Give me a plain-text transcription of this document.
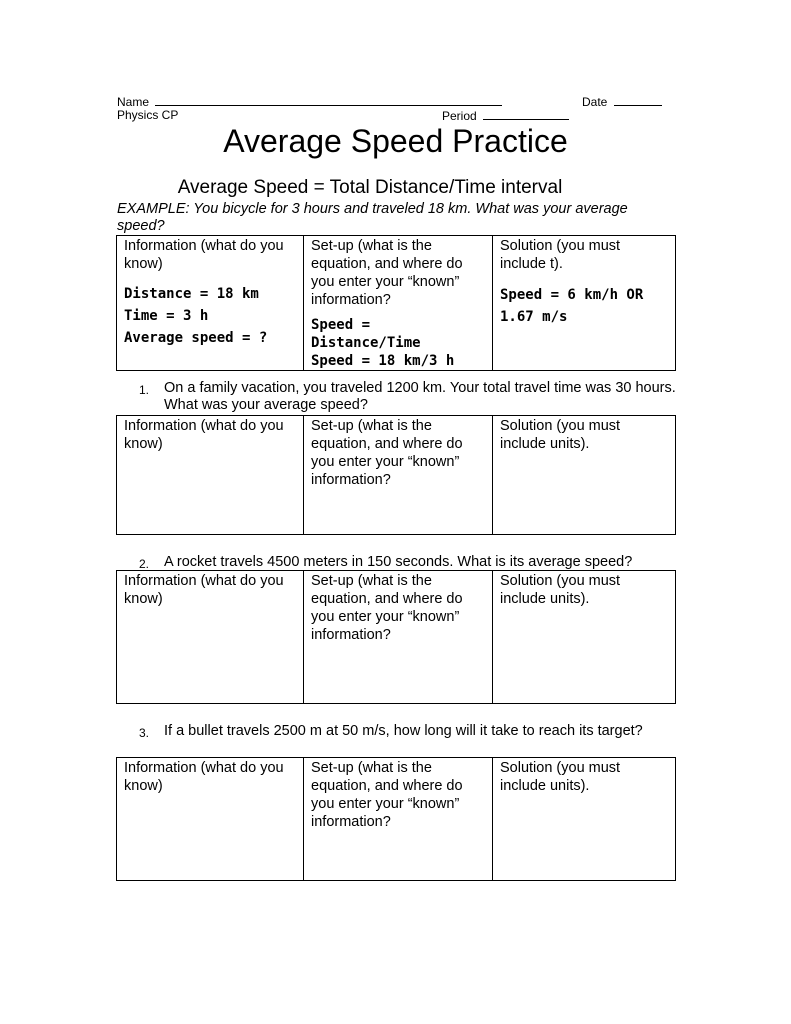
Name	Date
Physics CP	Period
Average Speed Practice
Average Speed = Total Distance/Time interval
EXAMPLE: You bicycle for 3 hours and traveled 18 km. What was your average speed?
Information (what do you know)
Distance = 18 km
Time = 3 h
Average speed = ?

Set-up (what is the equation, and where do you enter your “known” information?
Speed = Distance/Time
Speed = 18 km/3 h

Solution (you must include t).
Speed = 6 km/h OR
1.67 m/s
1. On a family vacation, you traveled 1200 km. Your total travel time was 30 hours. What was your average speed?
Information (what do you know)

Set-up (what is the equation, and where do you enter your “known” information?

Solution (you must include units).
2. A rocket travels 4500 meters in 150 seconds. What is its average speed?
Information (what do you know)

Set-up (what is the equation, and where do you enter your “known” information?

Solution (you must include units).
3. If a bullet travels 2500 m at 50 m/s, how long will it take to reach its target?
Information (what do you know)

Set-up (what is the equation, and where do you enter your “known” information?

Solution (you must include units).
